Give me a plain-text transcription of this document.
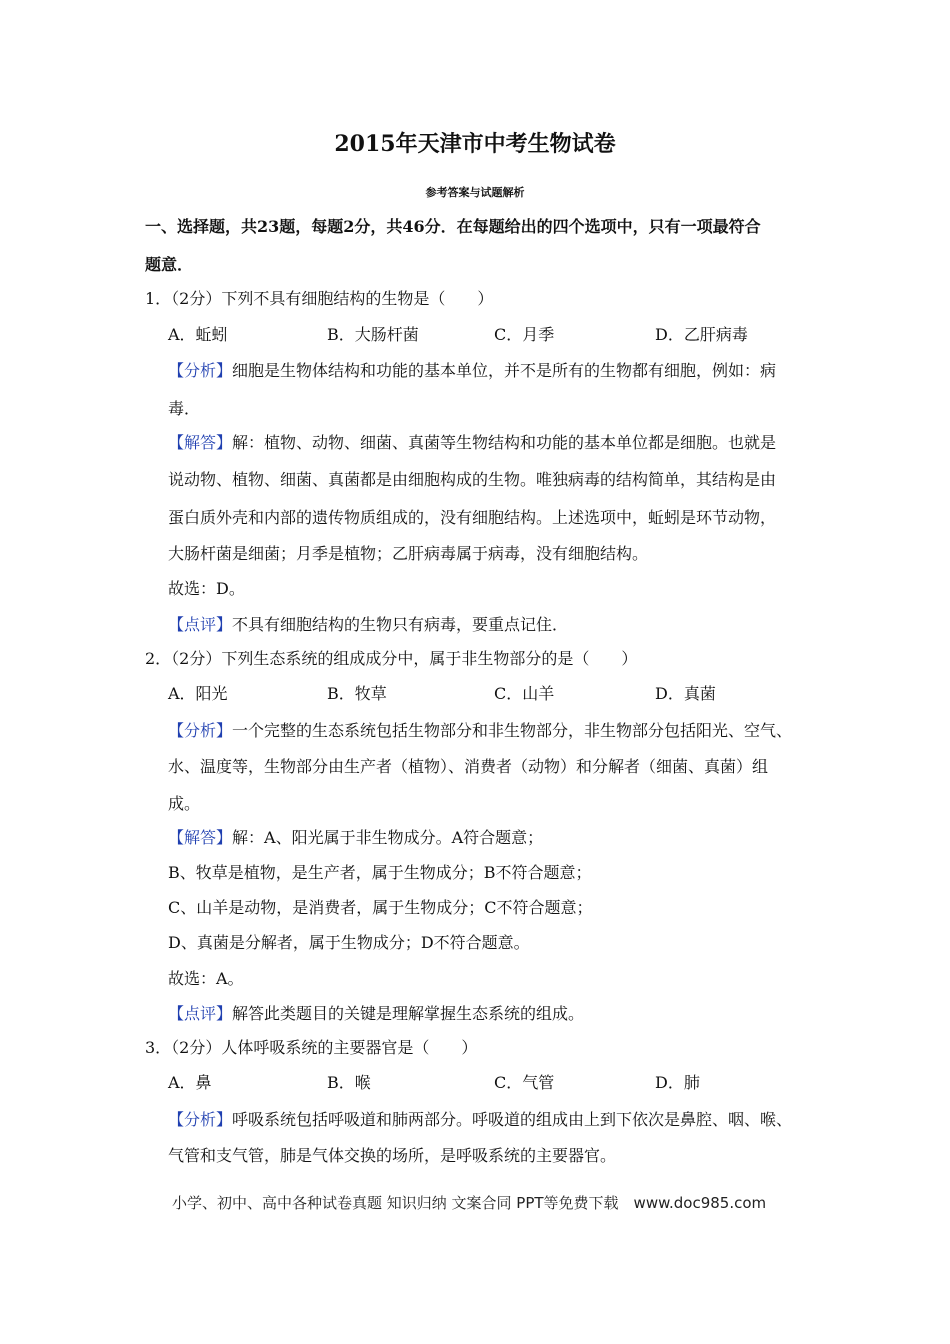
2015年天津市中考生物试卷
参考答案与试题解析
一、选择题，共23题，每题2分，共46分．在每题给出的四个选项中，只有一项最符合
题意．
1．（2分）下列不具有细胞结构的生物是（　　）
A．蚯蚓	B．大肠杆菌	C．月季	D．乙肝病毒
【分析】细胞是生物体结构和功能的基本单位，并不是所有的生物都有细胞，例如：病
毒．
【解答】解：植物、动物、细菌、真菌等生物结构和功能的基本单位都是细胞。也就是
说动物、植物、细菌、真菌都是由细胞构成的生物。唯独病毒的结构简单，其结构是由
蛋白质外壳和内部的遗传物质组成的，没有细胞结构。上述选项中，蚯蚓是环节动物，
大肠杆菌是细菌；月季是植物；乙肝病毒属于病毒，没有细胞结构。
故选：D。
【点评】不具有细胞结构的生物只有病毒，要重点记住．
2．（2分）下列生态系统的组成成分中，属于非生物部分的是（　　）
A．阳光	B．牧草	C．山羊	D．真菌
【分析】一个完整的生态系统包括生物部分和非生物部分，非生物部分包括阳光、空气、
水、温度等，生物部分由生产者（植物）、消费者（动物）和分解者（细菌、真菌）组
成。
【解答】解：A、阳光属于非生物成分。A符合题意；
B、牧草是植物，是生产者，属于生物成分；B不符合题意；
C、山羊是动物，是消费者，属于生物成分；C不符合题意；
D、真菌是分解者，属于生物成分；D不符合题意。
故选：A。
【点评】解答此类题目的关键是理解掌握生态系统的组成。
3．（2分）人体呼吸系统的主要器官是（　　）
A．鼻	B．喉	C．气管	D．肺
【分析】呼吸系统包括呼吸道和肺两部分。呼吸道的组成由上到下依次是鼻腔、咽、喉、
气管和支气管，肺是气体交换的场所，是呼吸系统的主要器官。
小学、初中、高中各种试卷真题 知识归纳 文案合同 PPT等免费下载　www.doc985.com
